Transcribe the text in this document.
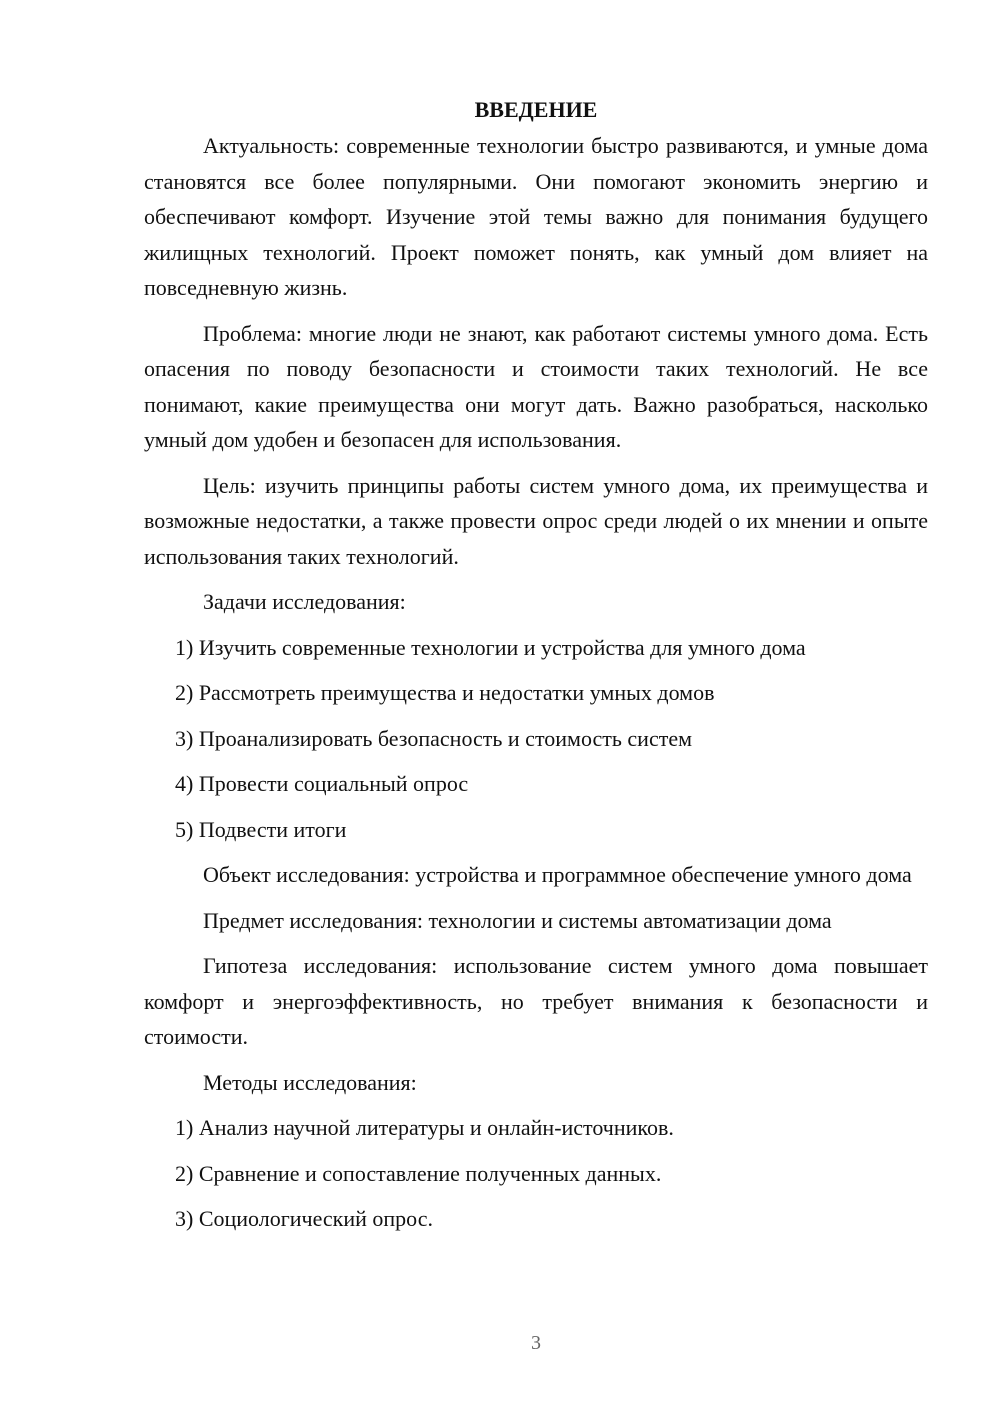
ВВЕДЕНИЕ

Актуальность: современные технологии быстро развиваются, и умные дома становятся все более популярными. Они помогают экономить энергию и обеспечивают комфорт. Изучение этой темы важно для понимания будущего жилищных технологий. Проект поможет понять, как умный дом влияет на повседневную жизнь.

Проблема: многие люди не знают, как работают системы умного дома. Есть опасения по поводу безопасности и стоимости таких технологий. Не все понимают, какие преимущества они могут дать. Важно разобраться, насколько умный дом удобен и безопасен для использования.

Цель: изучить принципы работы систем умного дома, их преимущества и возможные недостатки, а также провести опрос среди людей о их мнении и опыте использования таких технологий.

Задачи исследования:

1) Изучить современные технологии и устройства для умного дома
2) Рассмотреть преимущества и недостатки умных домов
3) Проанализировать безопасность и стоимость систем
4) Провести социальный опрос
5) Подвести итоги

Объект исследования: устройства и программное обеспечение умного дома

Предмет исследования: технологии и системы автоматизации дома

Гипотеза исследования: использование систем умного дома повышает комфорт и энергоэффективность, но требует внимания к безопасности и стоимости.

Методы исследования:

1) Анализ научной литературы и онлайн-источников.
2) Сравнение и сопоставление полученных данных.
3) Социологический опрос.
3
